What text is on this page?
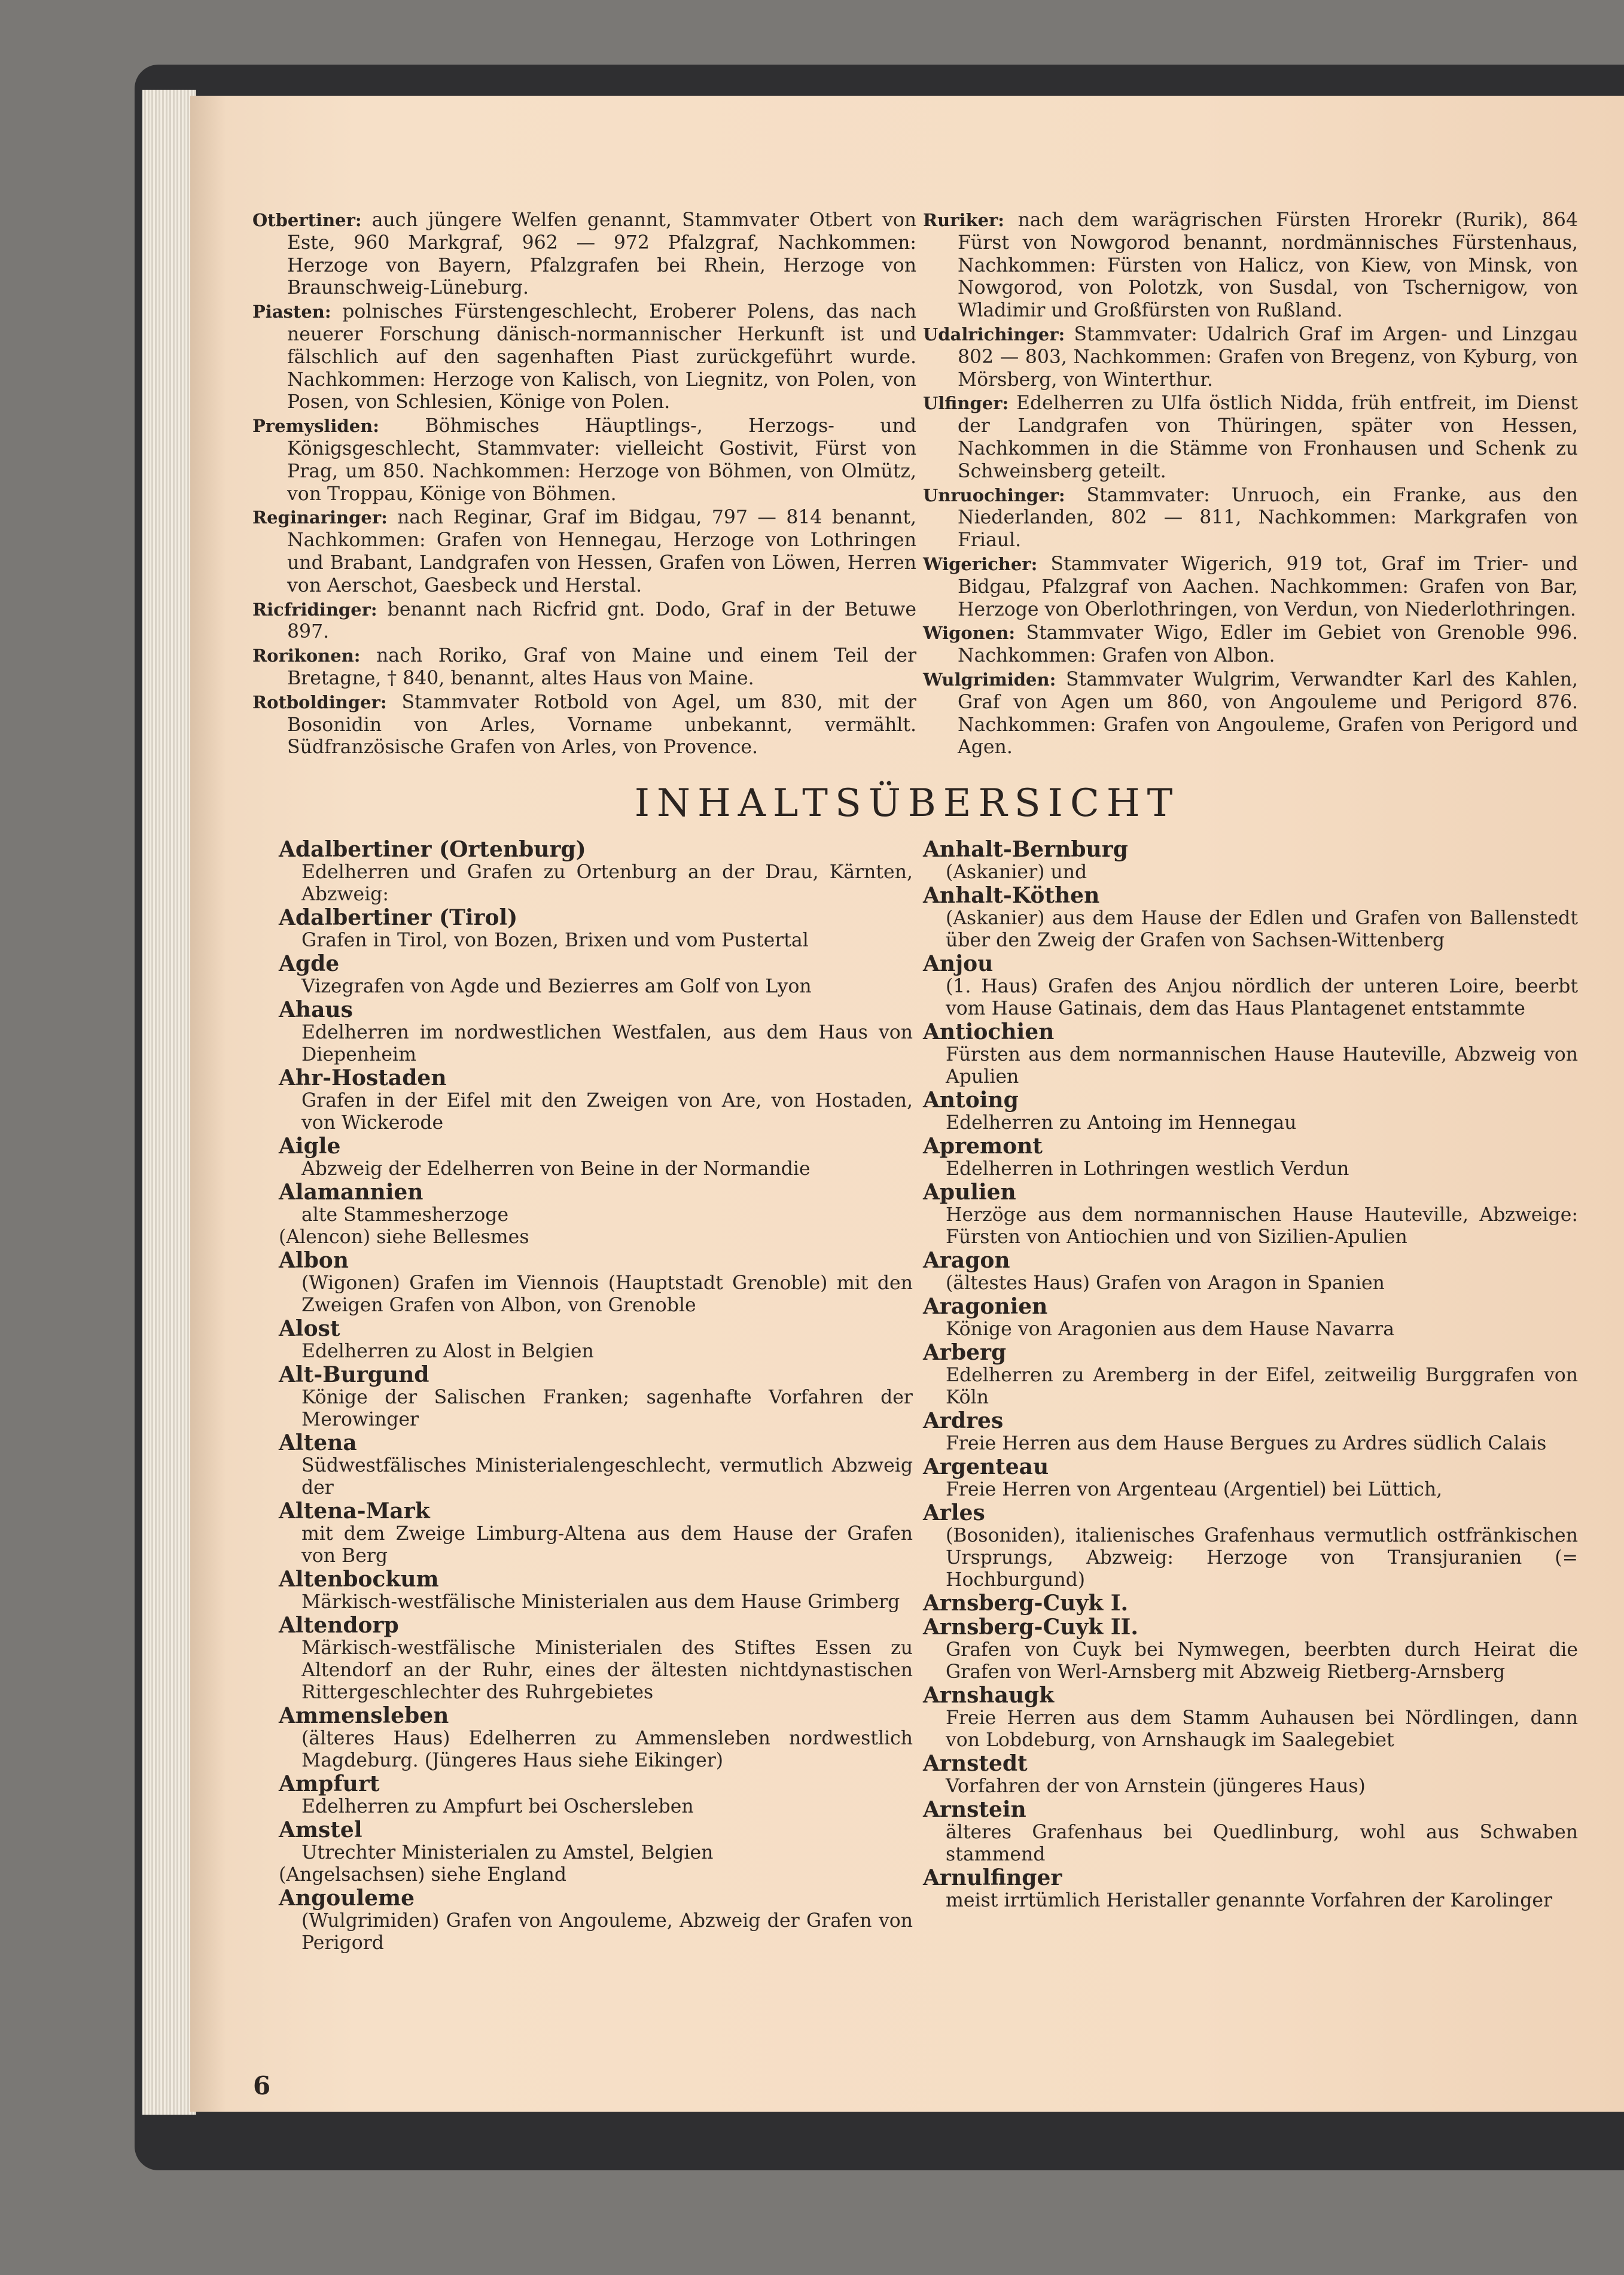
Otbertiner: auch jüngere Welfen genannt, Stammvater Otbert von Este, 960 Markgraf, 962 — 972 Pfalzgraf, Nachkommen: Herzoge von Bayern, Pfalzgrafen bei Rhein, Herzoge von Braunschweig-Lüneburg.

Piasten: polnisches Fürstengeschlecht, Eroberer Polens, das nach neuerer Forschung dänisch-normannischer Herkunft ist und fälschlich auf den sagenhaften Piast zurückgeführt wurde. Nachkommen: Herzoge von Kalisch, von Liegnitz, von Polen, von Posen, von Schlesien, Könige von Polen.

Premysliden: Böhmisches Häuptlings-, Herzogs- und Königsgeschlecht, Stammvater: vielleicht Gostivit, Fürst von Prag, um 850. Nachkommen: Herzoge von Böhmen, von Olmütz, von Troppau, Könige von Böhmen.

Reginaringer: nach Reginar, Graf im Bidgau, 797 — 814 benannt, Nachkommen: Grafen von Hennegau, Herzoge von Lothringen und Brabant, Landgrafen von Hessen, Grafen von Löwen, Herren von Aerschot, Gaesbeck und Herstal.

Ricfridinger: benannt nach Ricfrid gnt. Dodo, Graf in der Betuwe 897.

Rorikonen: nach Roriko, Graf von Maine und einem Teil der Bretagne, † 840, benannt, altes Haus von Maine.

Rotboldinger: Stammvater Rotbold von Agel, um 830, mit der Bosonidin von Arles, Vorname unbekannt, vermählt. Südfranzösische Grafen von Arles, von Provence.

Ruriker: nach dem warägrischen Fürsten Hrorekr (Rurik), 864 Fürst von Nowgorod benannt, nordmännisches Fürstenhaus, Nachkommen: Fürsten von Halicz, von Kiew, von Minsk, von Nowgorod, von Polotzk, von Susdal, von Tschernigow, von Wladimir und Großfürsten von Rußland.

Udalrichinger: Stammvater: Udalrich Graf im Argen- und Linzgau 802 — 803, Nachkommen: Grafen von Bregenz, von Kyburg, von Mörsberg, von Winterthur.

Ulfinger: Edelherren zu Ulfa östlich Nidda, früh entfreit, im Dienst der Landgrafen von Thüringen, später von Hessen, Nachkommen in die Stämme von Fronhausen und Schenk zu Schweinsberg geteilt.

Unruochinger: Stammvater: Unruoch, ein Franke, aus den Niederlanden, 802 — 811, Nachkommen: Markgrafen von Friaul.

Wigericher: Stammvater Wigerich, 919 tot, Graf im Trier- und Bidgau, Pfalzgraf von Aachen. Nachkommen: Grafen von Bar, Herzoge von Oberlothringen, von Verdun, von Niederlothringen.

Wigonen: Stammvater Wigo, Edler im Gebiet von Grenoble 996. Nachkommen: Grafen von Albon.

Wulgrimiden: Stammvater Wulgrim, Verwandter Karl des Kahlen, Graf von Agen um 860, von Angouleme und Perigord 876. Nachkommen: Grafen von Angouleme, Grafen von Perigord und Agen.

INHALTSÜBERSICHT
Adalbertiner (Ortenburg)
Edelherren und Grafen zu Ortenburg an der Drau, Kärnten, Abzweig:
Adalbertiner (Tirol)
Grafen in Tirol, von Bozen, Brixen und vom Pustertal
Agde
Vizegrafen von Agde und Bezierres am Golf von Lyon
Ahaus
Edelherren im nordwestlichen Westfalen, aus dem Haus von Diepenheim
Ahr-Hostaden
Grafen in der Eifel mit den Zweigen von Are, von Hostaden, von Wickerode
Aigle
Abzweig der Edelherren von Beine in der Normandie
Alamannien
alte Stammesherzoge
(Alencon) siehe Bellesmes
Albon
(Wigonen) Grafen im Viennois (Hauptstadt Grenoble) mit den Zweigen Grafen von Albon, von Grenoble
Alost
Edelherren zu Alost in Belgien
Alt-Burgund
Könige der Salischen Franken; sagenhafte Vorfahren der Merowinger
Altena
Südwestfälisches Ministerialengeschlecht, vermutlich Abzweig der
Altena-Mark
mit dem Zweige Limburg-Altena aus dem Hause der Grafen von Berg
Altenbockum
Märkisch-westfälische Ministerialen aus dem Hause Grimberg
Altendorp
Märkisch-westfälische Ministerialen des Stiftes Essen zu Altendorf an der Ruhr, eines der ältesten nichtdynastischen Rittergeschlechter des Ruhrgebietes
Ammensleben
(älteres Haus) Edelherren zu Ammensleben nordwestlich Magdeburg. (Jüngeres Haus siehe Eikinger)
Ampfurt
Edelherren zu Ampfurt bei Oschersleben
Amstel
Utrechter Ministerialen zu Amstel, Belgien
(Angelsachsen) siehe England
Angouleme
(Wulgrimiden) Grafen von Angouleme, Abzweig der Grafen von Perigord
Anhalt-Bernburg
(Askanier) und
Anhalt-Köthen
(Askanier) aus dem Hause der Edlen und Grafen von Ballenstedt über den Zweig der Grafen von Sachsen-Wittenberg
Anjou
(1. Haus) Grafen des Anjou nördlich der unteren Loire, beerbt vom Hause Gatinais, dem das Haus Plantagenet entstammte
Antiochien
Fürsten aus dem normannischen Hause Hauteville, Abzweig von Apulien
Antoing
Edelherren zu Antoing im Hennegau
Apremont
Edelherren in Lothringen westlich Verdun
Apulien
Herzöge aus dem normannischen Hause Hauteville, Abzweige: Fürsten von Antiochien und von Sizilien-Apulien
Aragon
(ältestes Haus) Grafen von Aragon in Spanien
Aragonien
Könige von Aragonien aus dem Hause Navarra
Arberg
Edelherren zu Aremberg in der Eifel, zeitweilig Burggrafen von Köln
Ardres
Freie Herren aus dem Hause Bergues zu Ardres südlich Calais
Argenteau
Freie Herren von Argenteau (Argentiel) bei Lüttich,
Arles
(Bosoniden), italienisches Grafenhaus vermutlich ostfränkischen Ursprungs, Abzweig: Herzoge von Transjuranien (= Hochburgund)
Arnsberg-Cuyk I.
Arnsberg-Cuyk II.
Grafen von Cuyk bei Nymwegen, beerbten durch Heirat die Grafen von Werl-Arnsberg mit Abzweig Rietberg-Arnsberg
Arnshaugk
Freie Herren aus dem Stamm Auhausen bei Nördlingen, dann von Lobdeburg, von Arnshaugk im Saalegebiet
Arnstedt
Vorfahren der von Arnstein (jüngeres Haus)
Arnstein
älteres Grafenhaus bei Quedlinburg, wohl aus Schwaben stammend
Arnulfinger
meist irrtümlich Heristaller genannte Vorfahren der Karolinger
6
